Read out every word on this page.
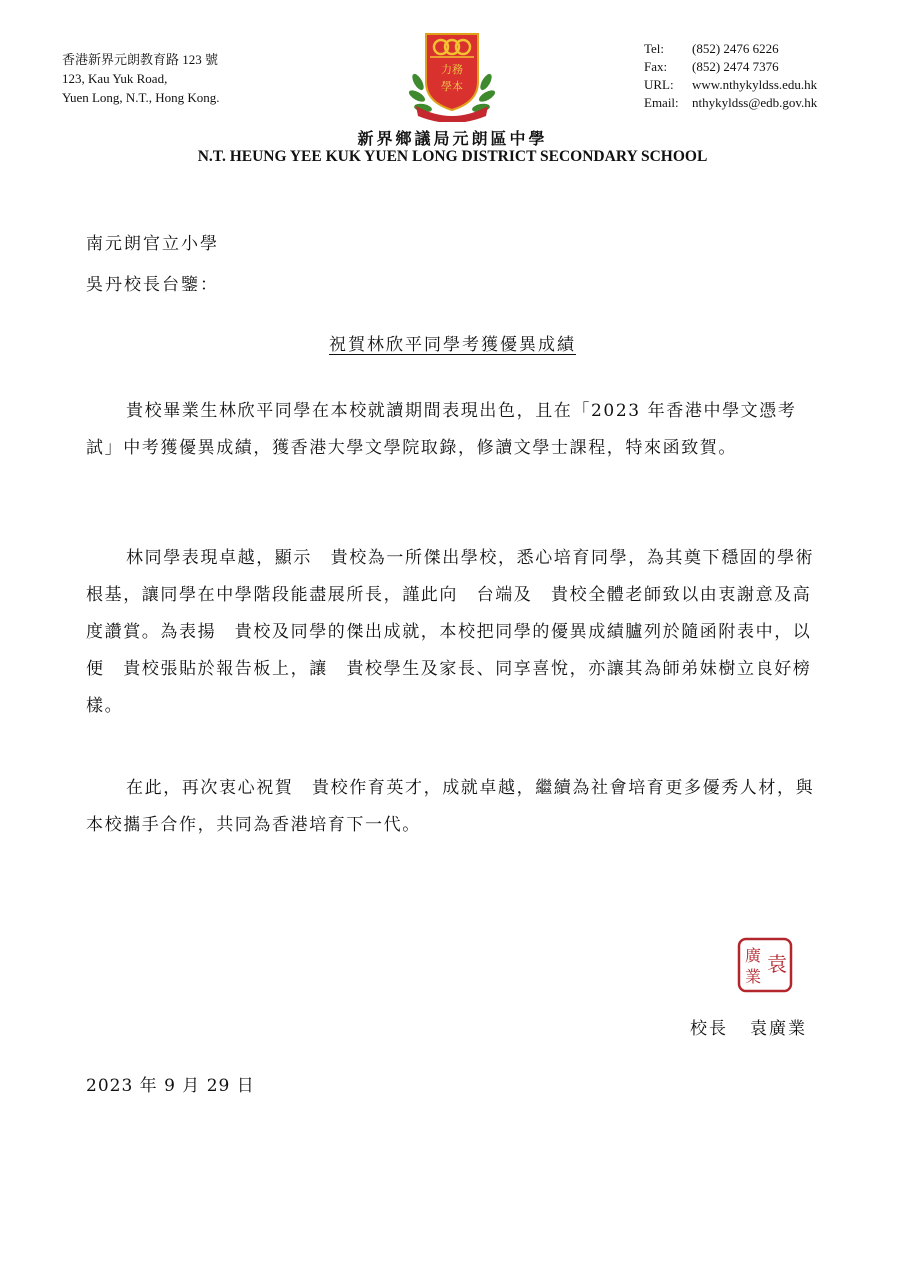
香港新界元朗教育路 123 號
123, Kau Yuk Road,
Yuen Long, N.T., Hong Kong.
力務
學本
Tel:	(852) 2476 6226
Fax:	(852) 2474 7376
URL:	www.nthykyldss.edu.hk
Email:	nthykyldss@edb.gov.hk
新界鄉議局元朗區中學
N.T. HEUNG YEE KUK YUEN LONG DISTRICT SECONDARY SCHOOL
南元朗官立小學
吳丹校長台鑒：
祝賀林欣平同學考獲優異成績

貴校畢業生林欣平同學在本校就讀期間表現出色，且在「2023 年香港中學文憑考試」中考獲優異成績，獲香港大學文學院取錄，修讀文學士課程，特來函致賀。

林同學表現卓越，顯示　貴校為一所傑出學校，悉心培育同學，為其奠下穩固的學術根基，讓同學在中學階段能盡展所長，謹此向　台端及　貴校全體老師致以由衷謝意及高度讚賞。為表揚　貴校及同學的傑出成就，本校把同學的優異成績臚列於隨函附表中，以便　貴校張貼於報告板上，讓　貴校學生及家長、同享喜悅，亦讓其為師弟妹樹立良好榜樣。

在此，再次衷心祝賀　貴校作育英才，成就卓越，繼續為社會培育更多優秀人材，與本校攜手合作，共同為香港培育下一代。

袁
廣
業
校長 袁廣業
2023 年 9 月 29 日
